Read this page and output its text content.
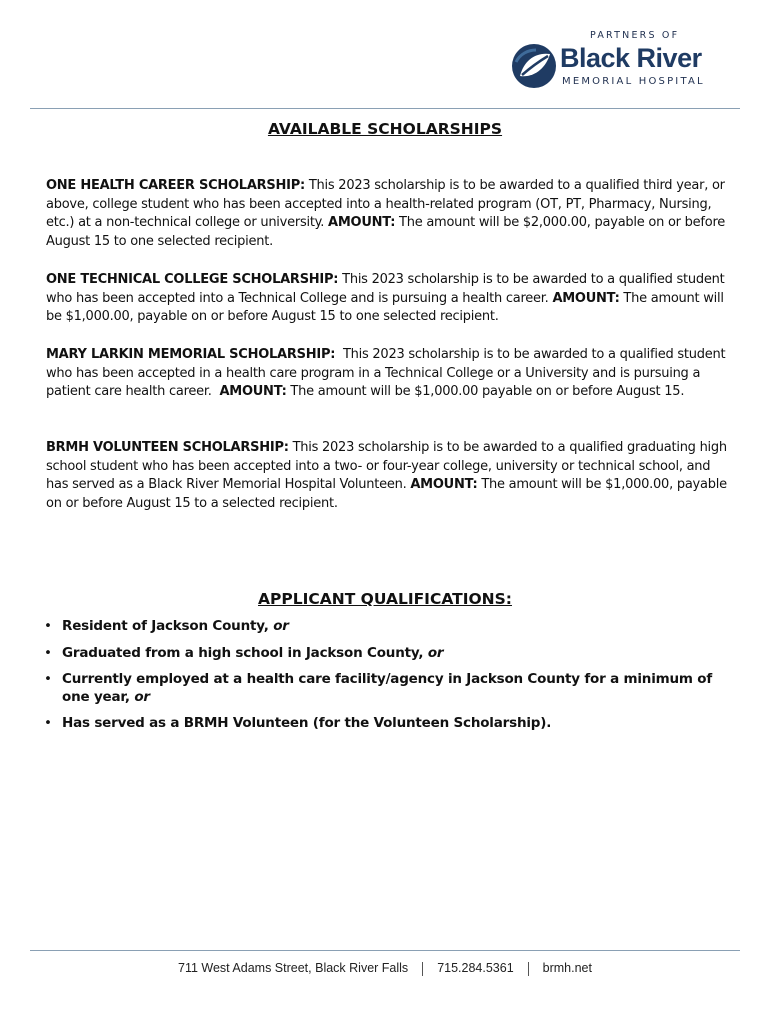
PARTNERS OF
Black River
MEMORIAL HOSPITAL
AVAILABLE SCHOLARSHIPS
ONE HEALTH CAREER SCHOLARSHIP: This 2023 scholarship is to be awarded to a qualified third year, or above, college student who has been accepted into a health-related program (OT, PT, Pharmacy, Nursing, etc.) at a non-technical college or university. AMOUNT: The amount will be $2,000.00, payable on or before August 15 to one selected recipient.
ONE TECHNICAL COLLEGE SCHOLARSHIP: This 2023 scholarship is to be awarded to a qualified student who has been accepted into a Technical College and is pursuing a health career. AMOUNT: The amount will be $1,000.00, payable on or before August 15 to one selected recipient.
MARY LARKIN MEMORIAL SCHOLARSHIP:  This 2023 scholarship is to be awarded to a qualified student who has been accepted in a health care program in a Technical College or a University and is pursuing a patient care health career.  AMOUNT: The amount will be $1,000.00 payable on or before August 15.
BRMH VOLUNTEEN SCHOLARSHIP: This 2023 scholarship is to be awarded to a qualified graduating high school student who has been accepted into a two- or four-year college, university or technical school, and has served as a Black River Memorial Hospital Volunteen. AMOUNT: The amount will be $1,000.00, payable on or before August 15 to a selected recipient.
APPLICANT QUALIFICATIONS:
• Resident of Jackson County, or
• Graduated from a high school in Jackson County, or
• Currently employed at a health care facility/agency in Jackson County for a minimum of one year, or
• Has served as a BRMH Volunteen (for the Volunteen Scholarship).
711 West Adams Street, Black River Falls 715.284.5361 brmh.net
